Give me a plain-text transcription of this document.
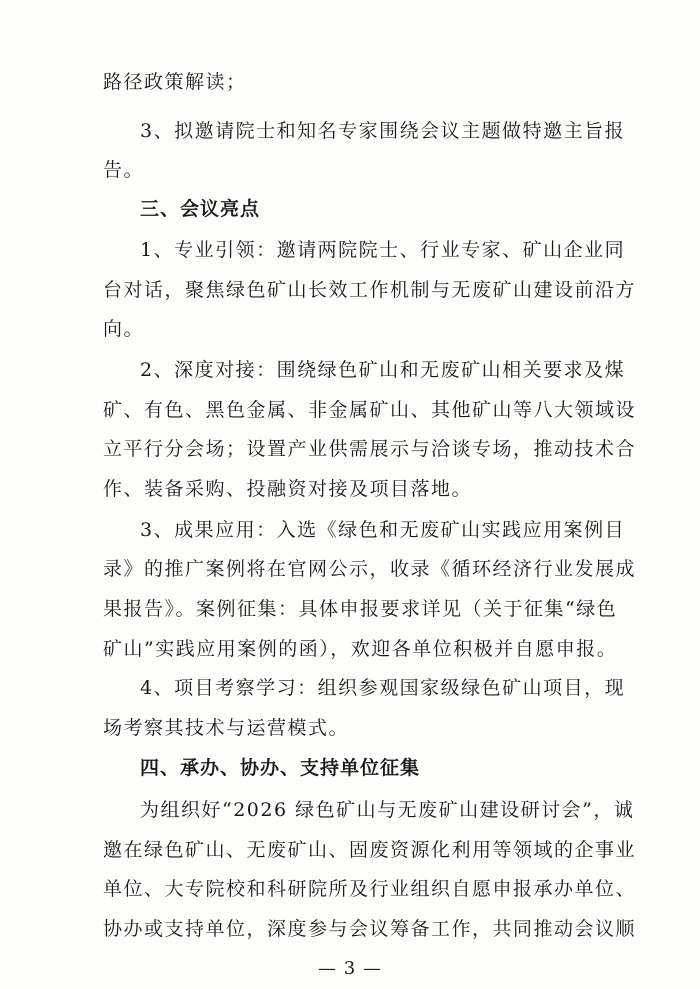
路径政策解读；
3、拟邀请院士和知名专家围绕会议主题做特邀主旨报
告。
三、会议亮点
1、专业引领：邀请两院院士、行业专家、矿山企业同
台对话，聚焦绿色矿山长效工作机制与无废矿山建设前沿方
向。
2、深度对接：围绕绿色矿山和无废矿山相关要求及煤
矿、有色、黑色金属、非金属矿山、其他矿山等八大领域设
立平行分会场；设置产业供需展示与洽谈专场，推动技术合
作、装备采购、投融资对接及项目落地。
3、成果应用：入选《绿色和无废矿山实践应用案例目
录》的推广案例将在官网公示，收录《循环经济行业发展成
果报告》。案例征集：具体申报要求详见（关于征集“绿色
矿山”实践应用案例的函），欢迎各单位积极并自愿申报。
4、项目考察学习：组织参观国家级绿色矿山项目，现
场考察其技术与运营模式。
四、承办、协办、支持单位征集
为组织好“2026 绿色矿山与无废矿山建设研讨会”，诚
邀在绿色矿山、无废矿山、固废资源化利用等领域的企事业
单位、大专院校和科研院所及行业组织自愿申报承办单位、
协办或支持单位，深度参与会议筹备工作，共同推动会议顺
— 3 —
